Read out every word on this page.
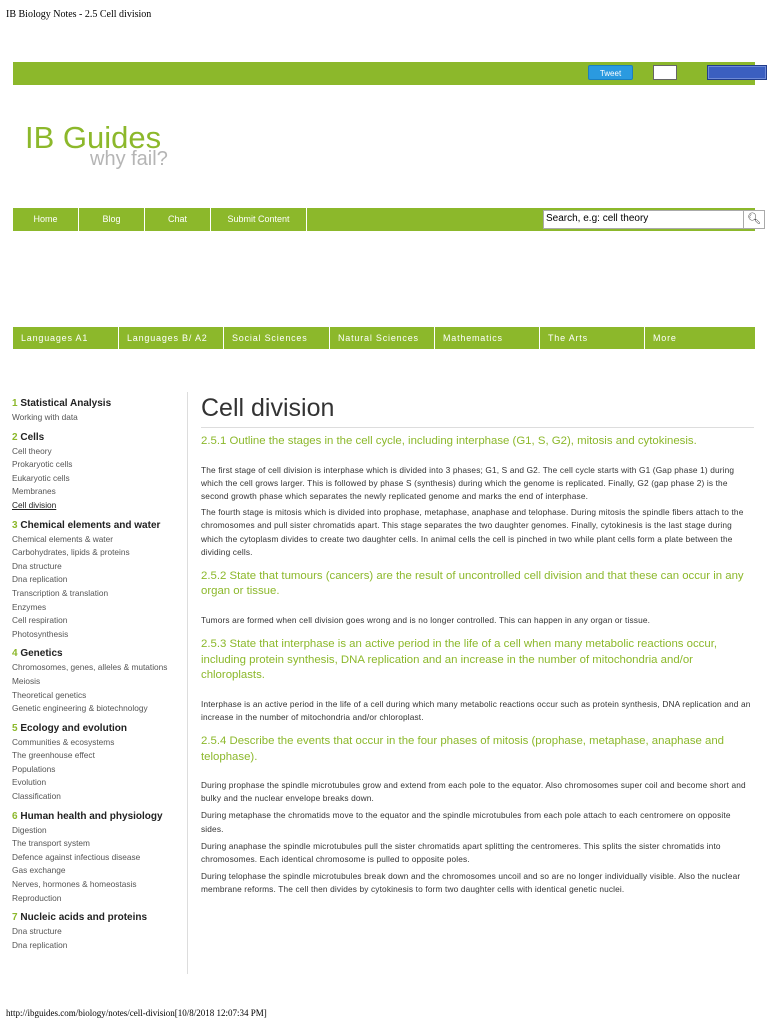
IB Biology Notes - 2.5 Cell division
Tweet
IB Guides
why fail?
Home	Blog	Chat	Submit Content	Search, e.g: cell theory	🔍︎
Languages A1	Languages B/ A2	Social Sciences	Natural Sciences	Mathematics	The Arts	More
1 Statistical Analysis
Working with data
2 Cells
Cell theory
Prokaryotic cells
Eukaryotic cells
Membranes
Cell division
3 Chemical elements and water
Chemical elements & water
Carbohydrates, lipids & proteins
Dna structure
Dna replication
Transcription & translation
Enzymes
Cell respiration
Photosynthesis
4 Genetics
Chromosomes, genes, alleles & mutations
Meiosis
Theoretical genetics
Genetic engineering & biotechnology
5 Ecology and evolution
Communities & ecosystems
The greenhouse effect
Populations
Evolution
Classification
6 Human health and physiology
Digestion
The transport system
Defence against infectious disease
Gas exchange
Nerves, hormones & homeostasis
Reproduction
7 Nucleic acids and proteins
Dna structure
Dna replication
Cell division
2.5.1 Outline the stages in the cell cycle, including interphase (G1, S, G2), mitosis and cytokinesis.
The first stage of cell division is interphase which is divided into 3 phases; G1, S and G2. The cell cycle starts with G1 (Gap phase 1) during which the cell grows larger. This is followed by phase S (synthesis) during which the genome is replicated. Finally, G2 (gap phase 2) is the second growth phase which separates the newly replicated genome and marks the end of interphase.
The fourth stage is mitosis which is divided into prophase, metaphase, anaphase and telophase. During mitosis the spindle fibers attach to the chromosomes and pull sister chromatids apart. This stage separates the two daughter genomes. Finally, cytokinesis is the last stage during which the cytoplasm divides to create two daughter cells. In animal cells the cell is pinched in two while plant cells form a plate between the dividing cells.
2.5.2 State that tumours (cancers) are the result of uncontrolled cell division and that these can occur in any organ or tissue.
Tumors are formed when cell division goes wrong and is no longer controlled. This can happen in any organ or tissue.
2.5.3 State that interphase is an active period in the life of a cell when many metabolic reactions occur, including protein synthesis, DNA replication and an increase in the number of mitochondria and/or chloroplasts.
Interphase is an active period in the life of a cell during which many metabolic reactions occur such as protein synthesis, DNA replication and an increase in the number of mitochondria and/or chloroplast.
2.5.4 Describe the events that occur in the four phases of mitosis (prophase, metaphase, anaphase and telophase).
During prophase the spindle microtubules grow and extend from each pole to the equator. Also chromosomes super coil and become short and bulky and the nuclear envelope breaks down.
During metaphase the chromatids move to the equator and the spindle microtubules from each pole attach to each centromere on opposite sides.
During anaphase the spindle microtubules pull the sister chromatids apart splitting the centromeres. This splits the sister chromatids into chromosomes. Each identical chromosome is pulled to opposite poles.
During telophase the spindle microtubules break down and the chromosomes uncoil and so are no longer individually visible. Also the nuclear membrane reforms. The cell then divides by cytokinesis to form two daughter cells with identical genetic nuclei.
http://ibguides.com/biology/notes/cell-division[10/8/2018 12:07:34 PM]
